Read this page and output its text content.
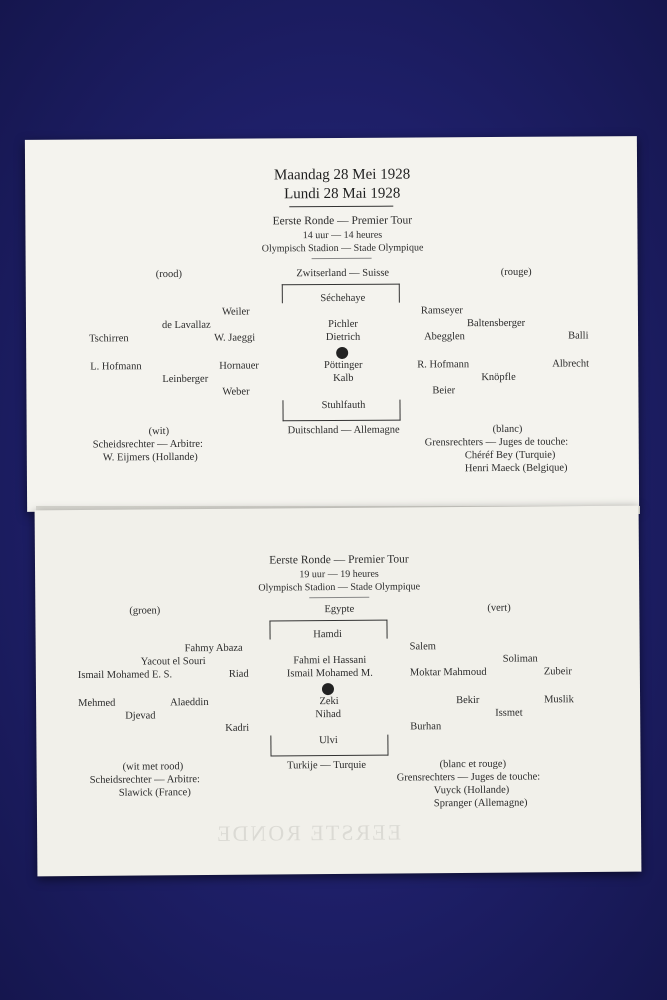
Maandag 28 Mei 1928
Lundi 28 Mai 1928
Eerste Ronde — Premier Tour
14 uur — 14 heures
Olympisch Stadion — Stade Olympique
(rood)	Zwitserland — Suisse	(rouge)
Séchehaye
Weiler	Ramseyer
de Lavallaz	Pichler	Baltensberger
Tschirren	W. Jaeggi	Dietrich	Abegglen	Balli
L. Hofmann	Hornauer	Pöttinger	R. Hofmann	Albrecht
Leinberger	Kalb	Knöpfle
Weber	Beier
Stuhlfauth
(wit)	Duitschland — Allemagne	(blanc)
Scheidsrechter — Arbitre:	Grensrechters — Juges de touche:
W. Eijmers (Hollande)	Chéréf Bey (Turquie)
Henri Maeck (Belgique)
EERSTE RONDE
Eerste Ronde — Premier Tour
19 uur — 19 heures
Olympisch Stadion — Stade Olympique
(groen)	Egypte	(vert)
Hamdi
Fahmy Abaza	Salem
Yacout el Souri	Fahmi el Hassani	Soliman
Ismail Mohamed E. S.	Riad	Ismail Mohamed M.	Moktar Mahmoud	Zubeir
Mehmed	Alaeddin	Zeki	Bekir	Muslik
Djevad	Nihad	Issmet
Kadri	Burhan
Ulvi
(wit met rood)	Turkije — Turquie	(blanc et rouge)
Scheidsrechter — Arbitre:	Grensrechters — Juges de touche:
Slawick (France)	Vuyck (Hollande)
Spranger (Allemagne)
